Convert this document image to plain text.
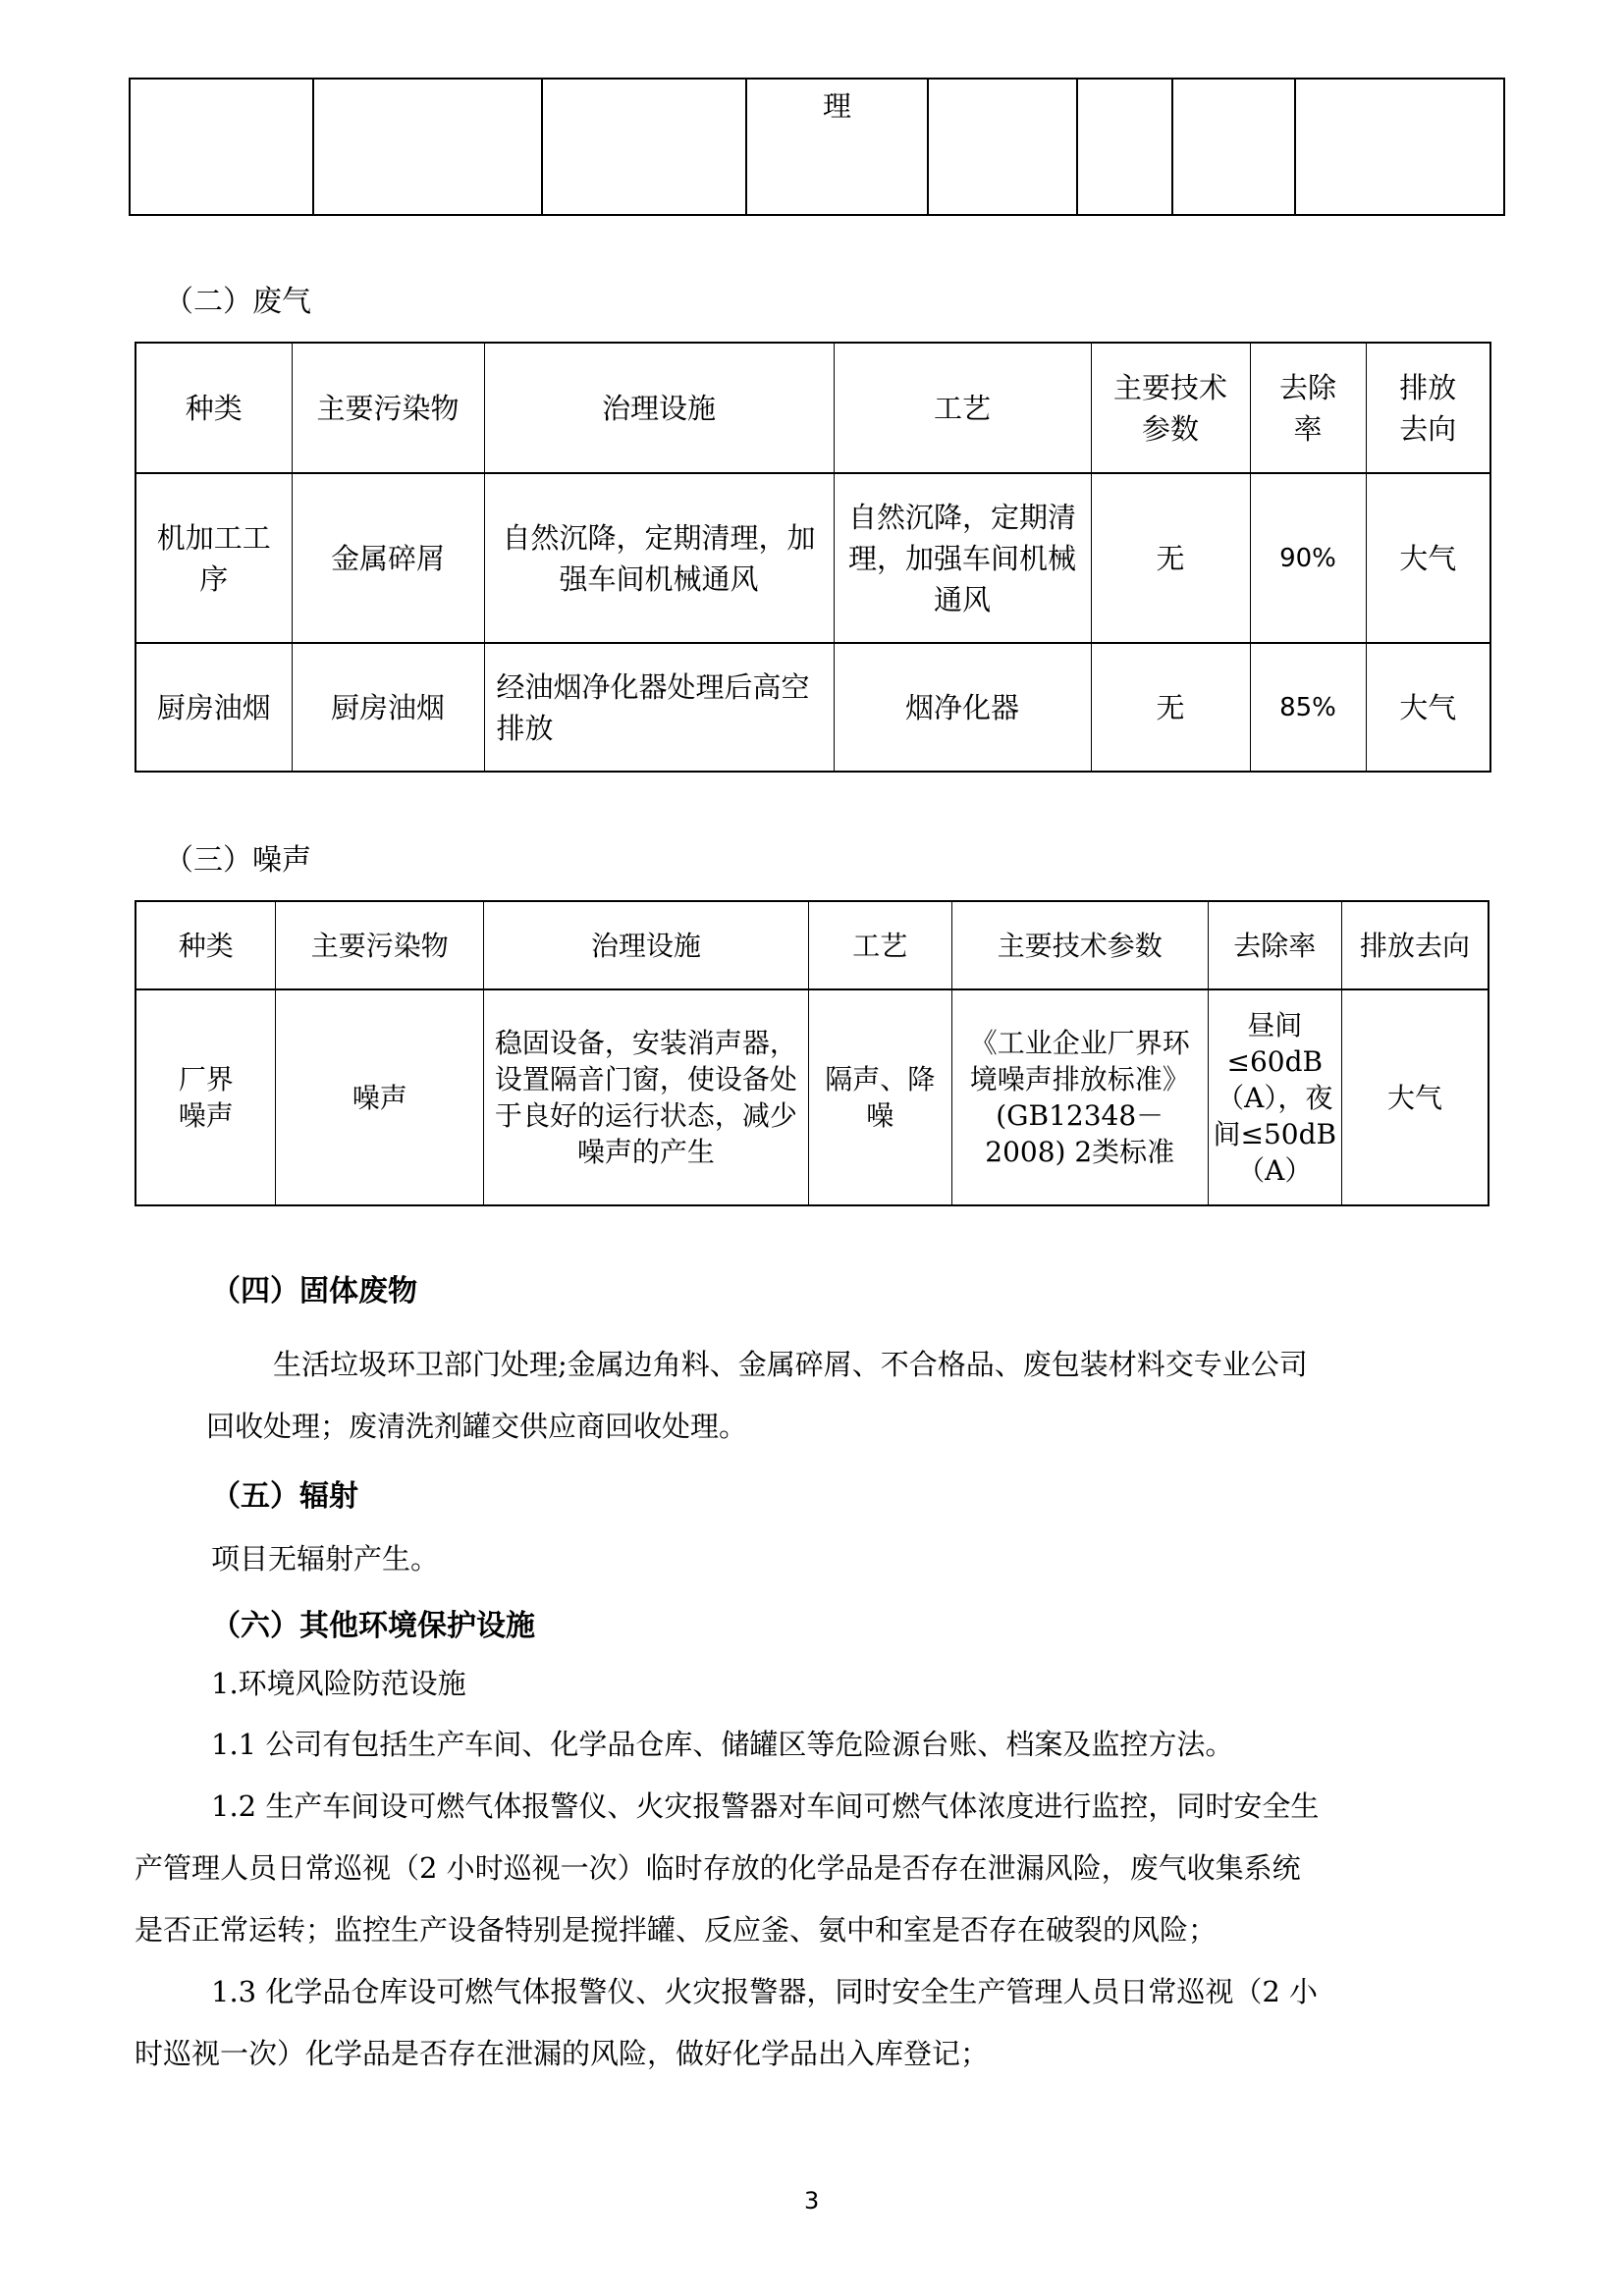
			理				
（二）废气
种类	主要污染物	治理设施	工艺	主要技术参数	去除率	排放去向
机加工工序	金属碎屑	自然沉降，定期清理，加强车间机械通风	自然沉降，定期清理，加强车间机械通风	无	90%	大气
厨房油烟	厨房油烟	经油烟净化器处理后高空排放	烟净化器	无	85%	大气
（三）噪声
种类	主要污染物	治理设施	工艺	主要技术参数	去除率	排放去向
厂界噪声	噪声	稳固设备，安装消声器，设置隔音门窗，使设备处于良好的运行状态，减少噪声的产生	隔声、降噪	《工业企业厂界环境噪声排放标准》(GB12348－2008) 2类标准	昼间≤60dB（A），夜间≤50dB（A）	大气
（四）固体废物
生活垃圾环卫部门处理;金属边角料、金属碎屑、不合格品、废包装材料交专业公司
回收处理；废清洗剂罐交供应商回收处理。
（五）辐射
项目无辐射产生。
（六）其他环境保护设施
1.环境风险防范设施
1.1 公司有包括生产车间、化学品仓库、储罐区等危险源台账、档案及监控方法。
1.2 生产车间设可燃气体报警仪、火灾报警器对车间可燃气体浓度进行监控，同时安全生
产管理人员日常巡视（2 小时巡视一次）临时存放的化学品是否存在泄漏风险，废气收集系统
是否正常运转；监控生产设备特别是搅拌罐、反应釜、氨中和室是否存在破裂的风险；
1.3 化学品仓库设可燃气体报警仪、火灾报警器，同时安全生产管理人员日常巡视（2 小
时巡视一次）化学品是否存在泄漏的风险，做好化学品出入库登记；
3
